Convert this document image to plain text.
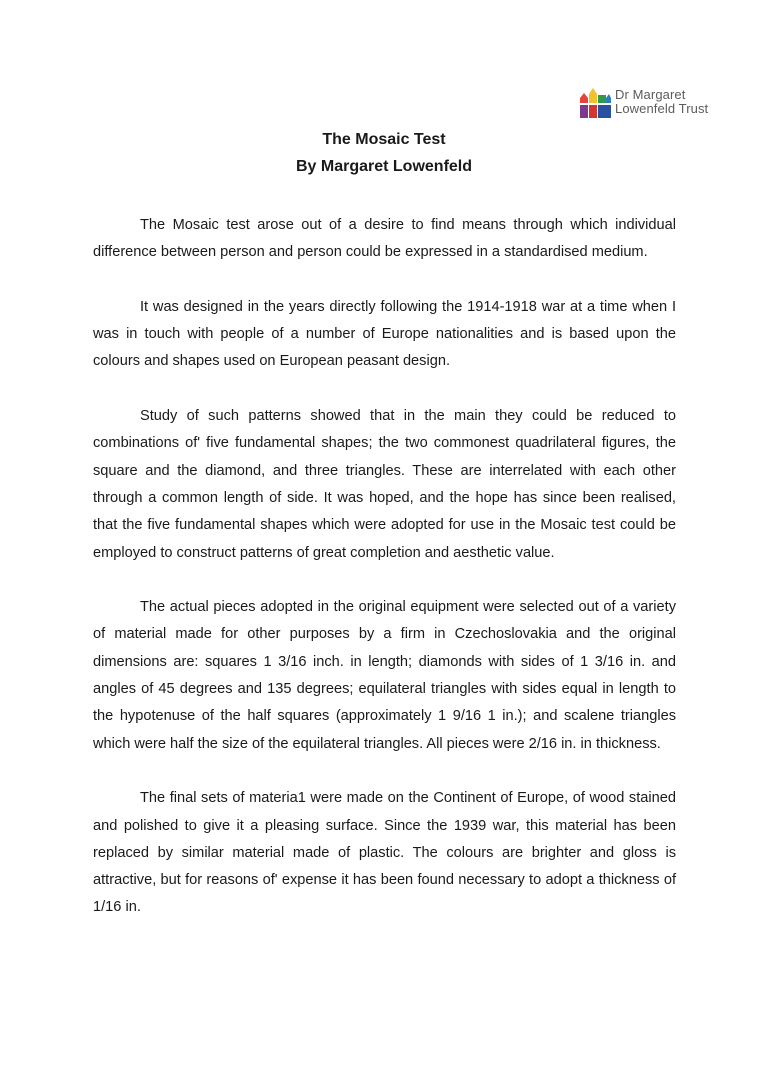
Dr Margaret
Lowenfeld Trust
The Mosaic Test
By Margaret Lowenfeld

The Mosaic test arose out of a desire to find means through which individual difference between person and person could be expressed in a standardised medium.

It was designed in the years directly following the 1914-1918 war at a time when I was in touch with people of a number of Europe nationalities and is based upon the colours and shapes used on European peasant design.

Study of such patterns showed that in the main they could be reduced to combinations of' five fundamental shapes; the two commonest quadrilateral figures, the square and the diamond, and three triangles. These are interrelated with each other through a common length of side. It was hoped, and the hope has since been realised, that the five fundamental shapes which were adopted for use in the Mosaic test could be employed to construct patterns of great completion and aesthetic value.

The actual pieces adopted in the original equipment were selected out of a variety of material made for other purposes by a firm in Czechoslovakia and the original dimensions are: squares 1 3/16 inch. in length; diamonds with sides of 1 3/16 in. and angles of 45 degrees and 135 degrees; equilateral triangles with sides equal in length to the hypotenuse of the half squares (approximately 1 9/16 1 in.); and scalene triangles which were half the size of the equilateral triangles. All pieces were 2/16 in. in thickness.

The final sets of materia1 were made on the Continent of Europe, of wood stained and polished to give it a pleasing surface. Since the 1939 war, this material has been replaced by similar material made of plastic. The colours are brighter and gloss is attractive, but for reasons of' expense it has been found necessary to adopt a thickness of 1/16 in.
